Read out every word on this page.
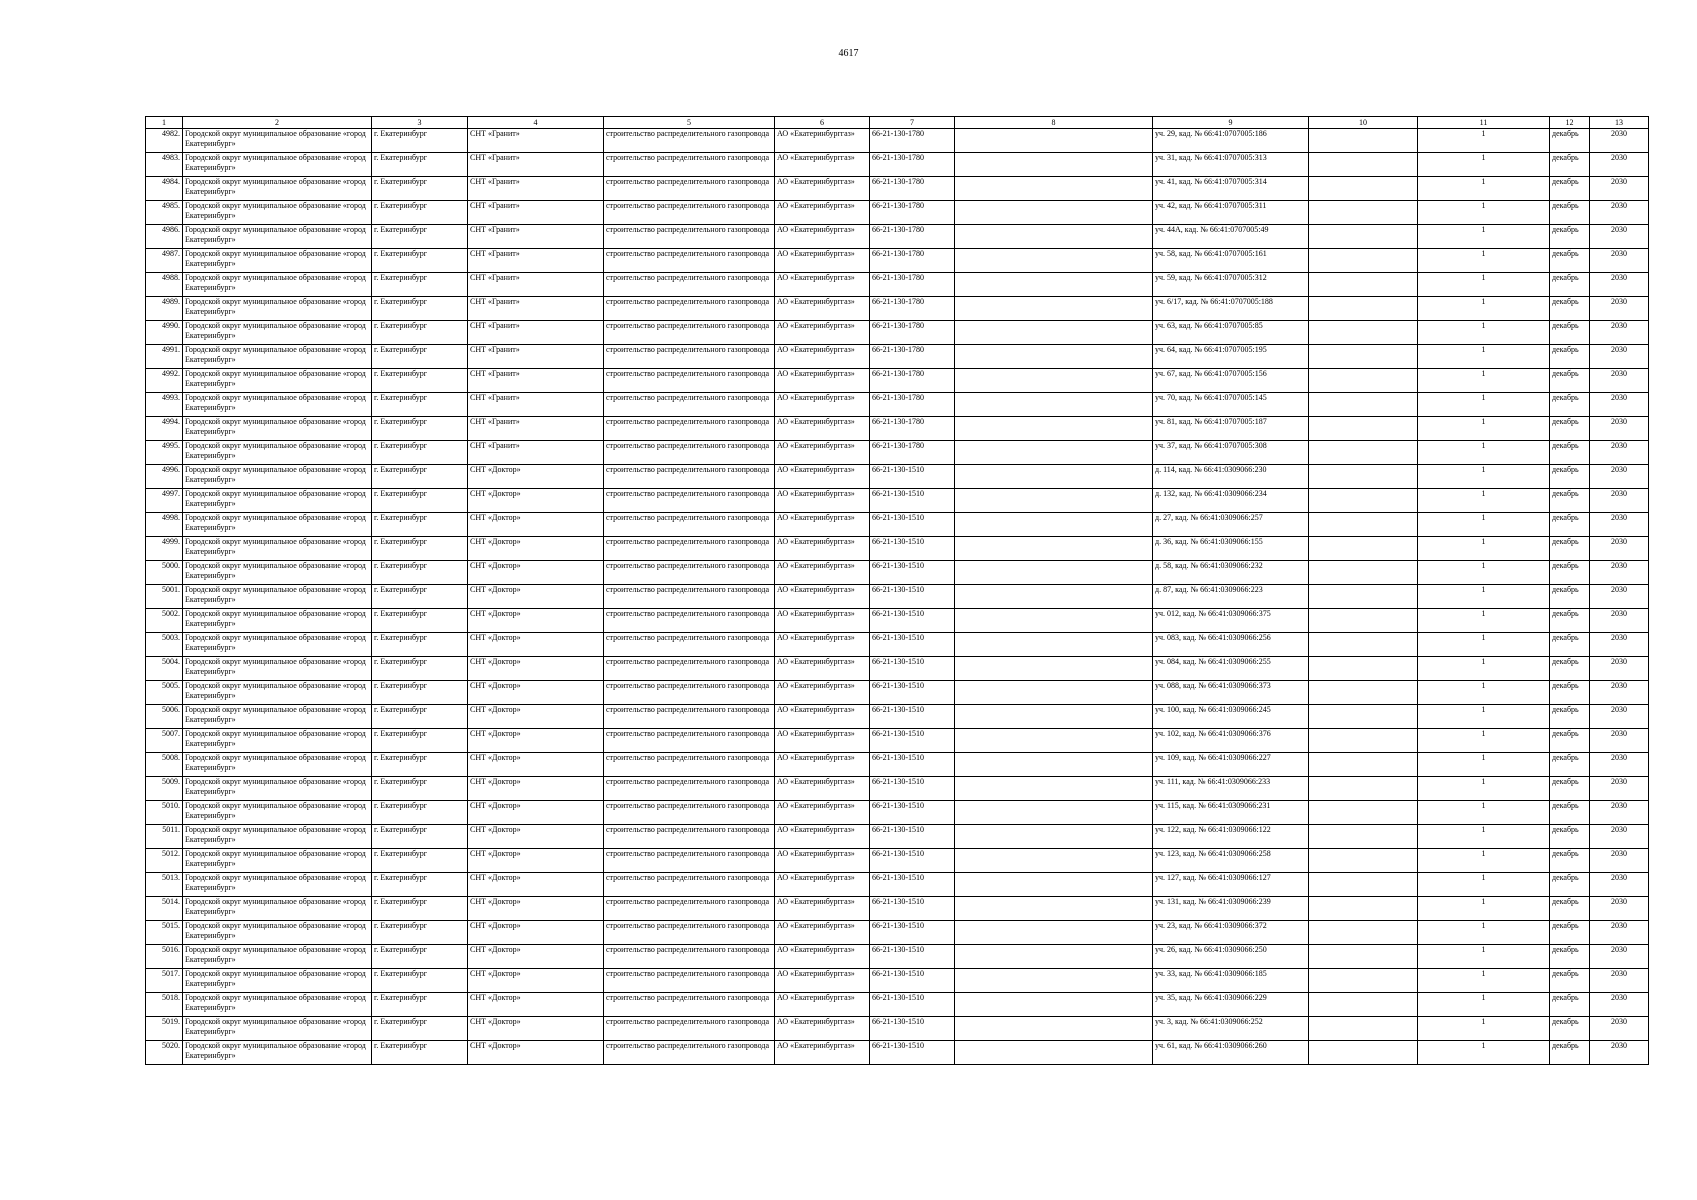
4617
1	2	3	4	5	6	7	8	9	10	11	12	13
4982.	Городской округ муниципальное образование «город Екатеринбург»	г. Екатеринбург	СНТ «Гранит»	строительство распределительного газопровода	АО «Екатеринбурггаз»	66-21-130-1780		уч. 29, кад. № 66:41:0707005:186		1	декабрь	2030
4983.	Городской округ муниципальное образование «город Екатеринбург»	г. Екатеринбург	СНТ «Гранит»	строительство распределительного газопровода	АО «Екатеринбурггаз»	66-21-130-1780		уч. 31, кад. № 66:41:0707005:313		1	декабрь	2030
4984.	Городской округ муниципальное образование «город Екатеринбург»	г. Екатеринбург	СНТ «Гранит»	строительство распределительного газопровода	АО «Екатеринбурггаз»	66-21-130-1780		уч. 41, кад. № 66:41:0707005:314		1	декабрь	2030
4985.	Городской округ муниципальное образование «город Екатеринбург»	г. Екатеринбург	СНТ «Гранит»	строительство распределительного газопровода	АО «Екатеринбурггаз»	66-21-130-1780		уч. 42, кад. № 66:41:0707005:311		1	декабрь	2030
4986.	Городской округ муниципальное образование «город Екатеринбург»	г. Екатеринбург	СНТ «Гранит»	строительство распределительного газопровода	АО «Екатеринбурггаз»	66-21-130-1780		уч. 44А, кад. № 66:41:0707005:49		1	декабрь	2030
4987.	Городской округ муниципальное образование «город Екатеринбург»	г. Екатеринбург	СНТ «Гранит»	строительство распределительного газопровода	АО «Екатеринбурггаз»	66-21-130-1780		уч. 58, кад. № 66:41:0707005:161		1	декабрь	2030
4988.	Городской округ муниципальное образование «город Екатеринбург»	г. Екатеринбург	СНТ «Гранит»	строительство распределительного газопровода	АО «Екатеринбурггаз»	66-21-130-1780		уч. 59, кад. № 66:41:0707005:312		1	декабрь	2030
4989.	Городской округ муниципальное образование «город Екатеринбург»	г. Екатеринбург	СНТ «Гранит»	строительство распределительного газопровода	АО «Екатеринбурггаз»	66-21-130-1780		уч. 6/17, кад. № 66:41:0707005:188		1	декабрь	2030
4990.	Городской округ муниципальное образование «город Екатеринбург»	г. Екатеринбург	СНТ «Гранит»	строительство распределительного газопровода	АО «Екатеринбурггаз»	66-21-130-1780		уч. 63, кад. № 66:41:0707005:85		1	декабрь	2030
4991.	Городской округ муниципальное образование «город Екатеринбург»	г. Екатеринбург	СНТ «Гранит»	строительство распределительного газопровода	АО «Екатеринбурггаз»	66-21-130-1780		уч. 64, кад. № 66:41:0707005:195		1	декабрь	2030
4992.	Городской округ муниципальное образование «город Екатеринбург»	г. Екатеринбург	СНТ «Гранит»	строительство распределительного газопровода	АО «Екатеринбурггаз»	66-21-130-1780		уч. 67, кад. № 66:41:0707005:156		1	декабрь	2030
4993.	Городской округ муниципальное образование «город Екатеринбург»	г. Екатеринбург	СНТ «Гранит»	строительство распределительного газопровода	АО «Екатеринбурггаз»	66-21-130-1780		уч. 70, кад. № 66:41:0707005:145		1	декабрь	2030
4994.	Городской округ муниципальное образование «город Екатеринбург»	г. Екатеринбург	СНТ «Гранит»	строительство распределительного газопровода	АО «Екатеринбурггаз»	66-21-130-1780		уч. 81, кад. № 66:41:0707005:187		1	декабрь	2030
4995.	Городской округ муниципальное образование «город Екатеринбург»	г. Екатеринбург	СНТ «Гранит»	строительство распределительного газопровода	АО «Екатеринбурггаз»	66-21-130-1780		уч. 37, кад. № 66:41:0707005:308		1	декабрь	2030
4996.	Городской округ муниципальное образование «город Екатеринбург»	г. Екатеринбург	СНТ «Доктор»	строительство распределительного газопровода	АО «Екатеринбурггаз»	66-21-130-1510		д. 114, кад. № 66:41:0309066:230		1	декабрь	2030
4997.	Городской округ муниципальное образование «город Екатеринбург»	г. Екатеринбург	СНТ «Доктор»	строительство распределительного газопровода	АО «Екатеринбурггаз»	66-21-130-1510		д. 132, кад. № 66:41:0309066:234		1	декабрь	2030
4998.	Городской округ муниципальное образование «город Екатеринбург»	г. Екатеринбург	СНТ «Доктор»	строительство распределительного газопровода	АО «Екатеринбурггаз»	66-21-130-1510		д. 27, кад. № 66:41:0309066:257		1	декабрь	2030
4999.	Городской округ муниципальное образование «город Екатеринбург»	г. Екатеринбург	СНТ «Доктор»	строительство распределительного газопровода	АО «Екатеринбурггаз»	66-21-130-1510		д. 36, кад. № 66:41:0309066:155		1	декабрь	2030
5000.	Городской округ муниципальное образование «город Екатеринбург»	г. Екатеринбург	СНТ «Доктор»	строительство распределительного газопровода	АО «Екатеринбурггаз»	66-21-130-1510		д. 58, кад. № 66:41:0309066:232		1	декабрь	2030
5001.	Городской округ муниципальное образование «город Екатеринбург»	г. Екатеринбург	СНТ «Доктор»	строительство распределительного газопровода	АО «Екатеринбурггаз»	66-21-130-1510		д. 87, кад. № 66:41:0309066:223		1	декабрь	2030
5002.	Городской округ муниципальное образование «город Екатеринбург»	г. Екатеринбург	СНТ «Доктор»	строительство распределительного газопровода	АО «Екатеринбурггаз»	66-21-130-1510		уч. 012, кад. № 66:41:0309066:375		1	декабрь	2030
5003.	Городской округ муниципальное образование «город Екатеринбург»	г. Екатеринбург	СНТ «Доктор»	строительство распределительного газопровода	АО «Екатеринбурггаз»	66-21-130-1510		уч. 083, кад. № 66:41:0309066:256		1	декабрь	2030
5004.	Городской округ муниципальное образование «город Екатеринбург»	г. Екатеринбург	СНТ «Доктор»	строительство распределительного газопровода	АО «Екатеринбурггаз»	66-21-130-1510		уч. 084, кад. № 66:41:0309066:255		1	декабрь	2030
5005.	Городской округ муниципальное образование «город Екатеринбург»	г. Екатеринбург	СНТ «Доктор»	строительство распределительного газопровода	АО «Екатеринбурггаз»	66-21-130-1510		уч. 088, кад. № 66:41:0309066:373		1	декабрь	2030
5006.	Городской округ муниципальное образование «город Екатеринбург»	г. Екатеринбург	СНТ «Доктор»	строительство распределительного газопровода	АО «Екатеринбурггаз»	66-21-130-1510		уч. 100, кад. № 66:41:0309066:245		1	декабрь	2030
5007.	Городской округ муниципальное образование «город Екатеринбург»	г. Екатеринбург	СНТ «Доктор»	строительство распределительного газопровода	АО «Екатеринбурггаз»	66-21-130-1510		уч. 102, кад. № 66:41:0309066:376		1	декабрь	2030
5008.	Городской округ муниципальное образование «город Екатеринбург»	г. Екатеринбург	СНТ «Доктор»	строительство распределительного газопровода	АО «Екатеринбурггаз»	66-21-130-1510		уч. 109, кад. № 66:41:0309066:227		1	декабрь	2030
5009.	Городской округ муниципальное образование «город Екатеринбург»	г. Екатеринбург	СНТ «Доктор»	строительство распределительного газопровода	АО «Екатеринбурггаз»	66-21-130-1510		уч. 111, кад. № 66:41:0309066:233		1	декабрь	2030
5010.	Городской округ муниципальное образование «город Екатеринбург»	г. Екатеринбург	СНТ «Доктор»	строительство распределительного газопровода	АО «Екатеринбурггаз»	66-21-130-1510		уч. 115, кад. № 66:41:0309066:231		1	декабрь	2030
5011.	Городской округ муниципальное образование «город Екатеринбург»	г. Екатеринбург	СНТ «Доктор»	строительство распределительного газопровода	АО «Екатеринбурггаз»	66-21-130-1510		уч. 122, кад. № 66:41:0309066:122		1	декабрь	2030
5012.	Городской округ муниципальное образование «город Екатеринбург»	г. Екатеринбург	СНТ «Доктор»	строительство распределительного газопровода	АО «Екатеринбурггаз»	66-21-130-1510		уч. 123, кад. № 66:41:0309066:258		1	декабрь	2030
5013.	Городской округ муниципальное образование «город Екатеринбург»	г. Екатеринбург	СНТ «Доктор»	строительство распределительного газопровода	АО «Екатеринбурггаз»	66-21-130-1510		уч. 127, кад. № 66:41:0309066:127		1	декабрь	2030
5014.	Городской округ муниципальное образование «город Екатеринбург»	г. Екатеринбург	СНТ «Доктор»	строительство распределительного газопровода	АО «Екатеринбурггаз»	66-21-130-1510		уч. 131, кад. № 66:41:0309066:239		1	декабрь	2030
5015.	Городской округ муниципальное образование «город Екатеринбург»	г. Екатеринбург	СНТ «Доктор»	строительство распределительного газопровода	АО «Екатеринбурггаз»	66-21-130-1510		уч. 23, кад. № 66:41:0309066:372		1	декабрь	2030
5016.	Городской округ муниципальное образование «город Екатеринбург»	г. Екатеринбург	СНТ «Доктор»	строительство распределительного газопровода	АО «Екатеринбурггаз»	66-21-130-1510		уч. 26, кад. № 66:41:0309066:250		1	декабрь	2030
5017.	Городской округ муниципальное образование «город Екатеринбург»	г. Екатеринбург	СНТ «Доктор»	строительство распределительного газопровода	АО «Екатеринбурггаз»	66-21-130-1510		уч. 33, кад. № 66:41:0309066:185		1	декабрь	2030
5018.	Городской округ муниципальное образование «город Екатеринбург»	г. Екатеринбург	СНТ «Доктор»	строительство распределительного газопровода	АО «Екатеринбурггаз»	66-21-130-1510		уч. 35, кад. № 66:41:0309066:229		1	декабрь	2030
5019.	Городской округ муниципальное образование «город Екатеринбург»	г. Екатеринбург	СНТ «Доктор»	строительство распределительного газопровода	АО «Екатеринбурггаз»	66-21-130-1510		уч. 3, кад. № 66:41:0309066:252		1	декабрь	2030
5020.	Городской округ муниципальное образование «город Екатеринбург»	г. Екатеринбург	СНТ «Доктор»	строительство распределительного газопровода	АО «Екатеринбурггаз»	66-21-130-1510		уч. 61, кад. № 66:41:0309066:260		1	декабрь	2030
